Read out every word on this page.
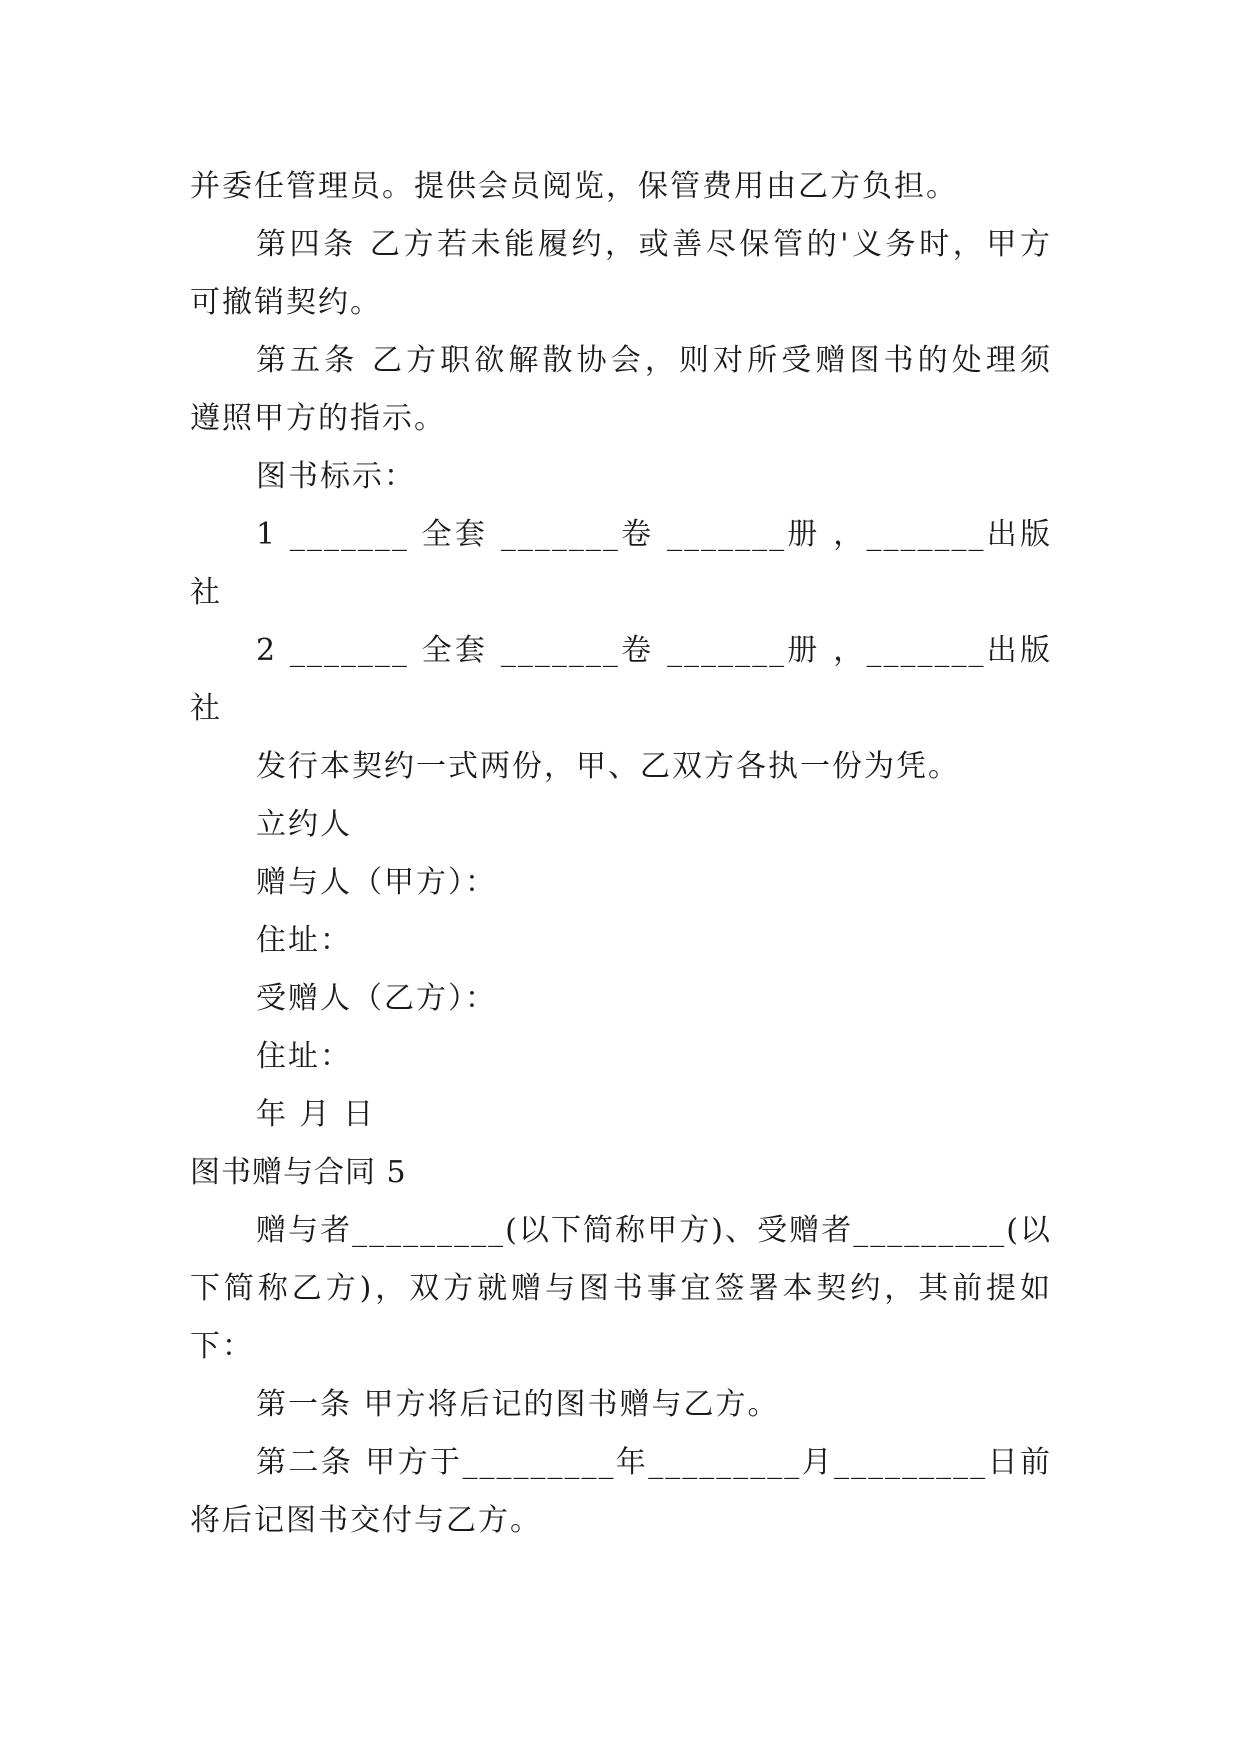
并委任管理员。提供会员阅览，保管费用由乙方负担。
第四条 乙方若未能履约，或善尽保管的'义务时，甲方
可撤销契约。
第五条 乙方职欲解散协会，则对所受赠图书的处理须
遵照甲方的指示。
图书标示：
1 _______ 全套 _______卷 _______册 ，_______出版
社
2 _______ 全套 _______卷 _______册 ，_______出版
社
发行本契约一式两份，甲、乙双方各执一份为凭。
立约人
赠与人（甲方）：
住址：
受赠人（乙方）：
住址：
年 月 日
图书赠与合同 5
赠与者_________(以下简称甲方)、受赠者_________(以
下简称乙方)，双方就赠与图书事宜签署本契约，其前提如
下：
第一条 甲方将后记的图书赠与乙方。
第二条 甲方于_________年_________月_________日前
将后记图书交付与乙方。
